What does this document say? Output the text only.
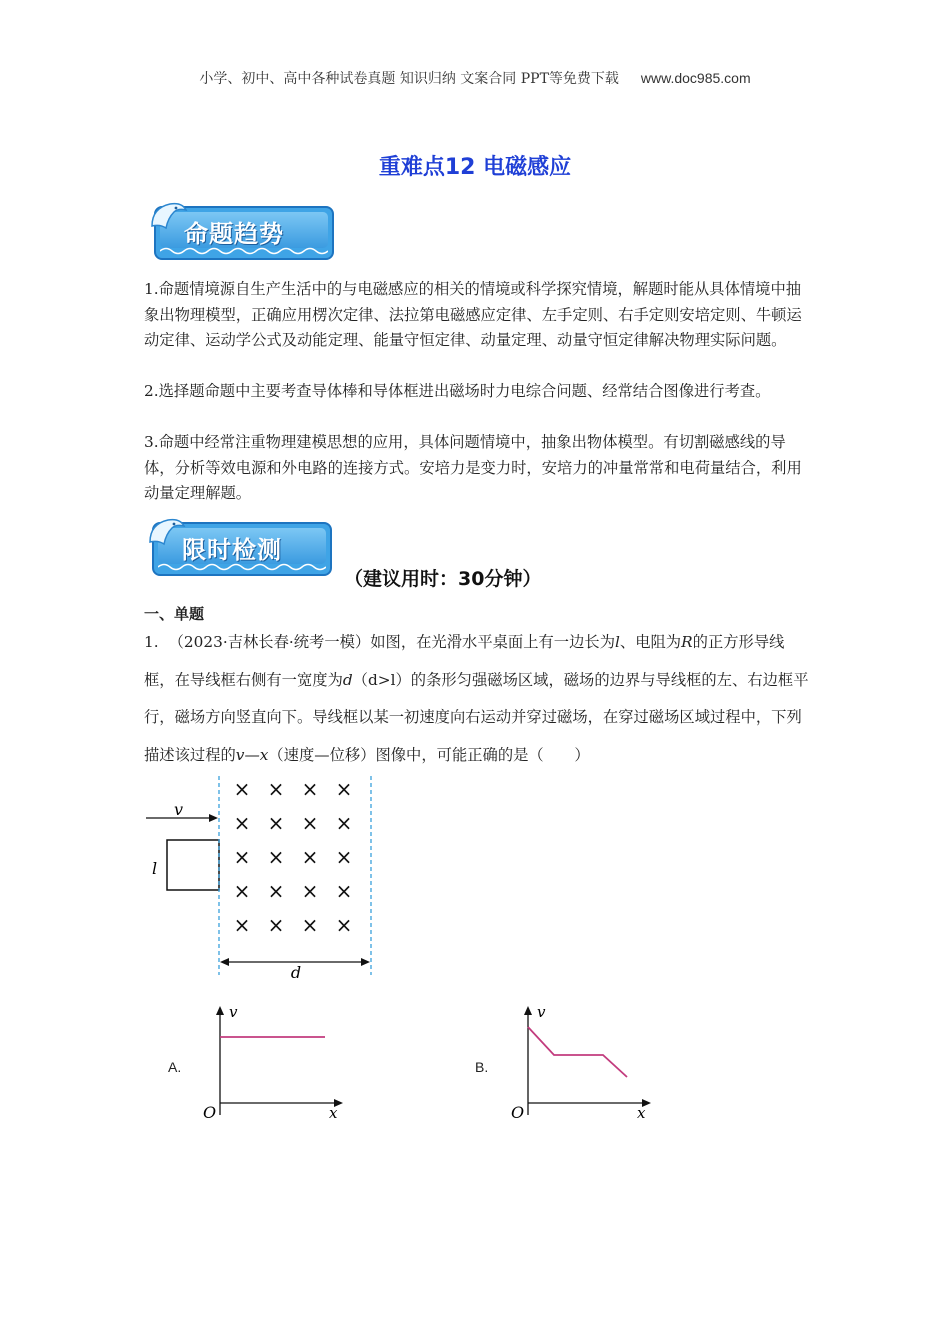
小学、初中、高中各种试卷真题 知识归纳 文案合同 PPT等免费下载 www.doc985.com
重难点12 电磁感应
命题趋势
1.命题情境源自生产生活中的与电磁感应的相关的情境或科学探究情境，解题时能从具体情境中抽象出物理模型，正确应用楞次定律、法拉第电磁感应定律、左手定则、右手定则安培定则、牛顿运动定律、运动学公式及动能定理、能量守恒定律、动量定理、动量守恒定律解决物理实际问题。
2.选择题命题中主要考查导体棒和导体框进出磁场时力电综合问题、经常结合图像进行考查。
3.命题中经常注重物理建模思想的应用，具体问题情境中，抽象出物体模型。有切割磁感线的导体，分析等效电源和外电路的连接方式。安培力是变力时，安培力的冲量常常和电荷量结合，利用动量定理解题。
限时检测
（建议用时：30分钟）
一、单题
1. （2023·吉林长春·统考一模）如图，在光滑水平桌面上有一边长为l、电阻为R的正方形导线框，在导线框右侧有一宽度为d（d>l）的条形匀强磁场区域，磁场的边界与导线框的左、右边框平行，磁场方向竖直向下。导线框以某一初速度向右运动并穿过磁场，在穿过磁场区域过程中，下列描述该过程的v—x（速度—位移）图像中，可能正确的是（　　）
v
l
× × × ×
× × × ×
× × × ×
× × × ×
× × × ×
d
A.
v
x
O
B.
v
x
O
